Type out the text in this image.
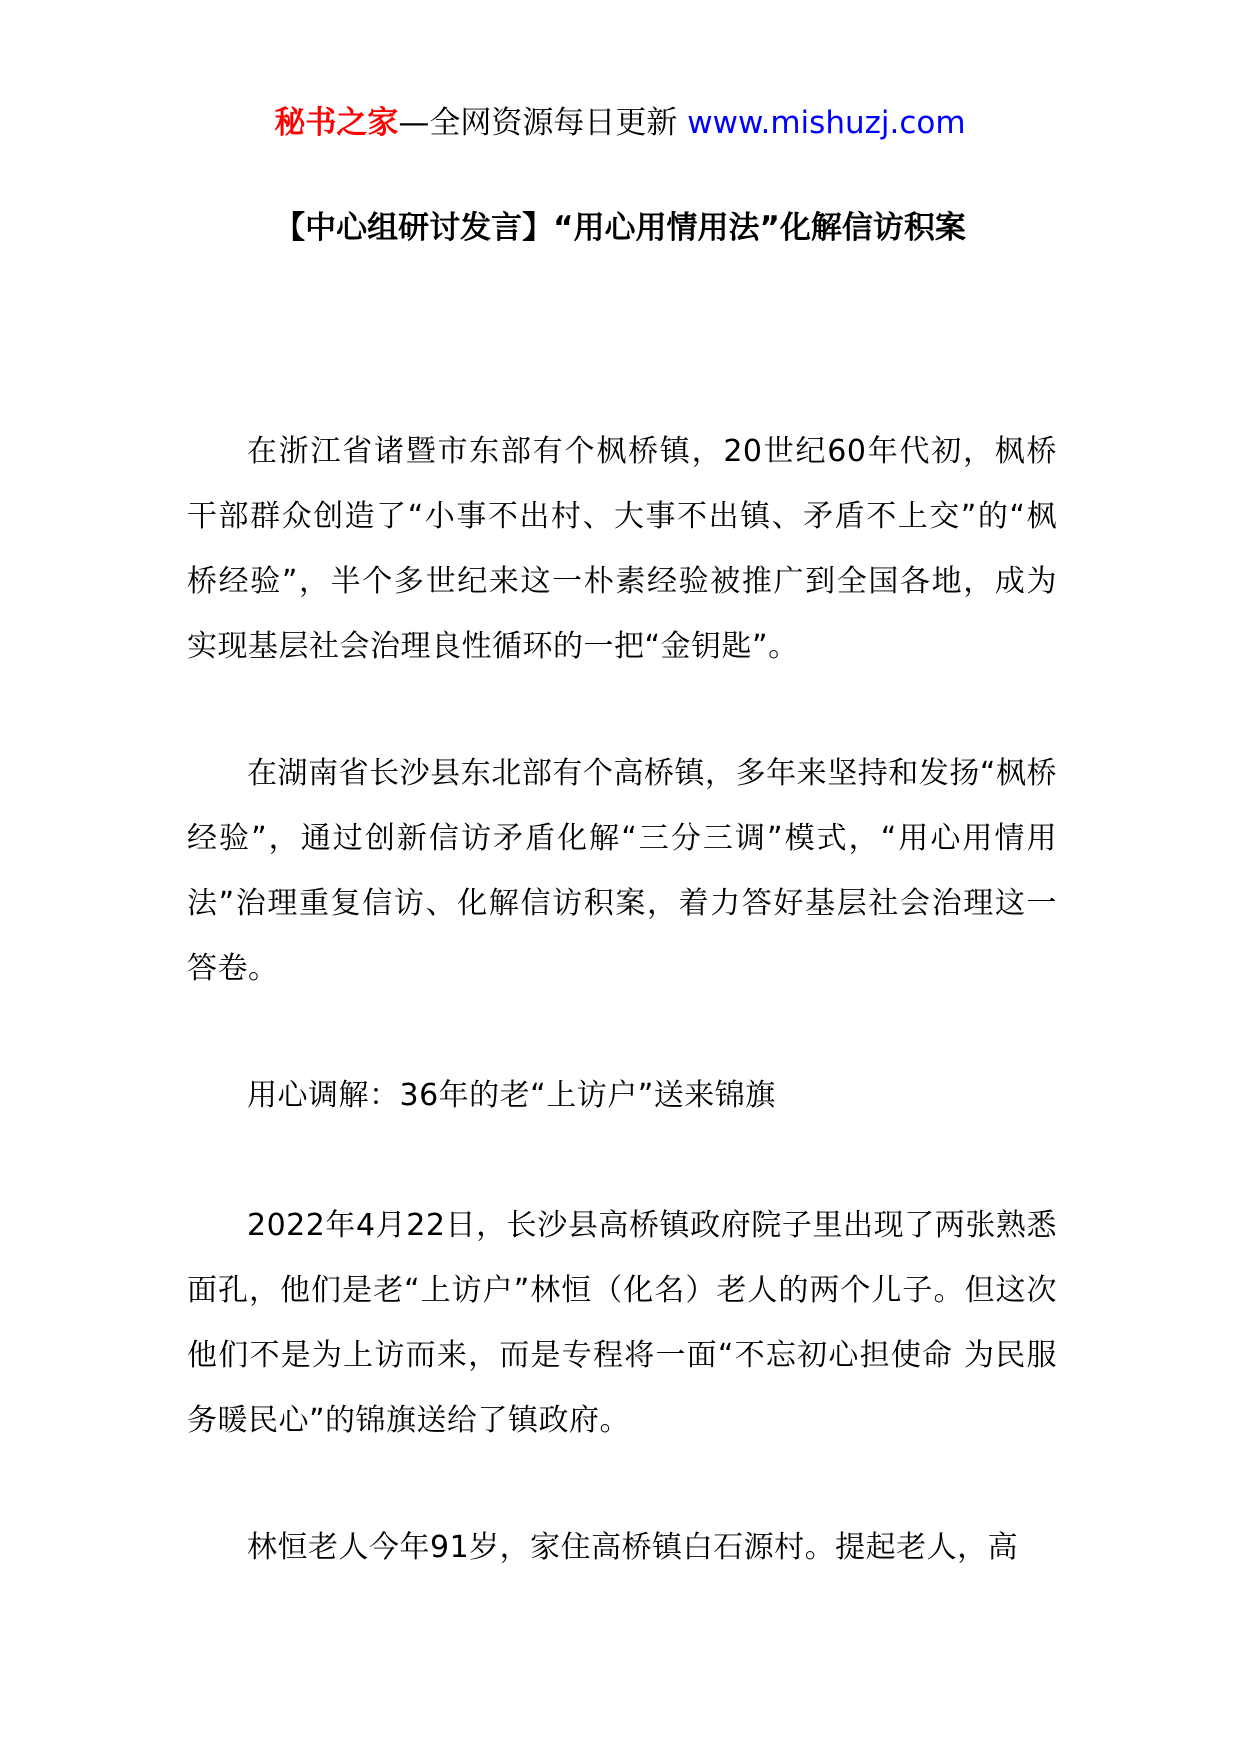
秘书之家—全网资源每日更新 www.mishuzj.com
【中心组研讨发言】“用心用情用法”化解信访积案

在浙江省诸暨市东部有个枫桥镇，20世纪60年代初，枫桥干部群众创造了“小事不出村、大事不出镇、矛盾不上交”的“枫桥经验”，半个多世纪来这一朴素经验被推广到全国各地，成为实现基层社会治理良性循环的一把“金钥匙”。

在湖南省长沙县东北部有个高桥镇，多年来坚持和发扬“枫桥经验”，通过创新信访矛盾化解“三分三调”模式，“用心用情用法”治理重复信访、化解信访积案，着力答好基层社会治理这一答卷。

用心调解：36年的老“上访户”送来锦旗

2022年4月22日，长沙县高桥镇政府院子里出现了两张熟悉面孔，他们是老“上访户”林恒（化名）老人的两个儿子。但这次他们不是为上访而来，而是专程将一面“不忘初心担使命 为民服务暖民心”的锦旗送给了镇政府。

林恒老人今年91岁，家住高桥镇白石源村。提起老人，高
